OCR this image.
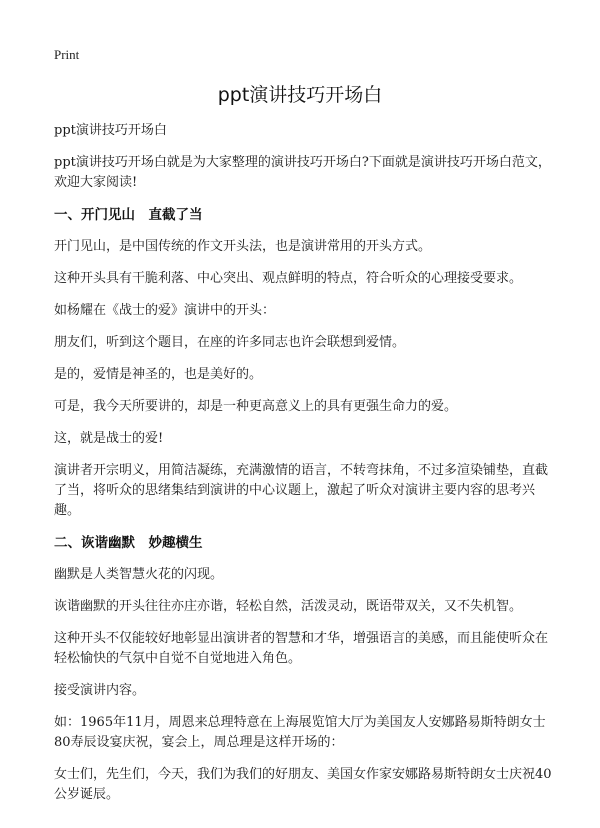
Print
ppt演讲技巧开场白
ppt演讲技巧开场白
ppt演讲技巧开场白就是为大家整理的演讲技巧开场白?下面就是演讲技巧开场白范文，欢迎大家阅读!
一、开门见山　直截了当
开门见山，是中国传统的作文开头法，也是演讲常用的开头方式。
这种开头具有干脆利落、中心突出、观点鲜明的特点，符合听众的心理接受要求。
如杨耀在《战士的爱》演讲中的开头：
朋友们，听到这个题目，在座的许多同志也许会联想到爱情。
是的，爱情是神圣的，也是美好的。
可是，我今天所要讲的，却是一种更高意义上的具有更强生命力的爱。
这，就是战士的爱!
演讲者开宗明义，用简洁凝练，充满激情的语言，不转弯抹角，不过多渲染铺垫，直截了当，将听众的思绪集结到演讲的中心议题上，激起了听众对演讲主要内容的思考兴趣。
二、诙谐幽默　妙趣横生
幽默是人类智慧火花的闪现。
诙谐幽默的开头往往亦庄亦谐，轻松自然，活泼灵动，既语带双关，又不失机智。
这种开头不仅能较好地彰显出演讲者的智慧和才华，增强语言的美感，而且能使听众在轻松愉快的气氛中自觉不自觉地进入角色。
接受演讲内容。
如：1965年11月，周恩来总理特意在上海展览馆大厅为美国友人安娜路易斯特朗女士80寿辰设宴庆祝，宴会上，周总理是这样开场的：
女士们，先生们，今天，我们为我们的好朋友、美国女作家安娜路易斯特朗女士庆祝40公岁诞辰。
